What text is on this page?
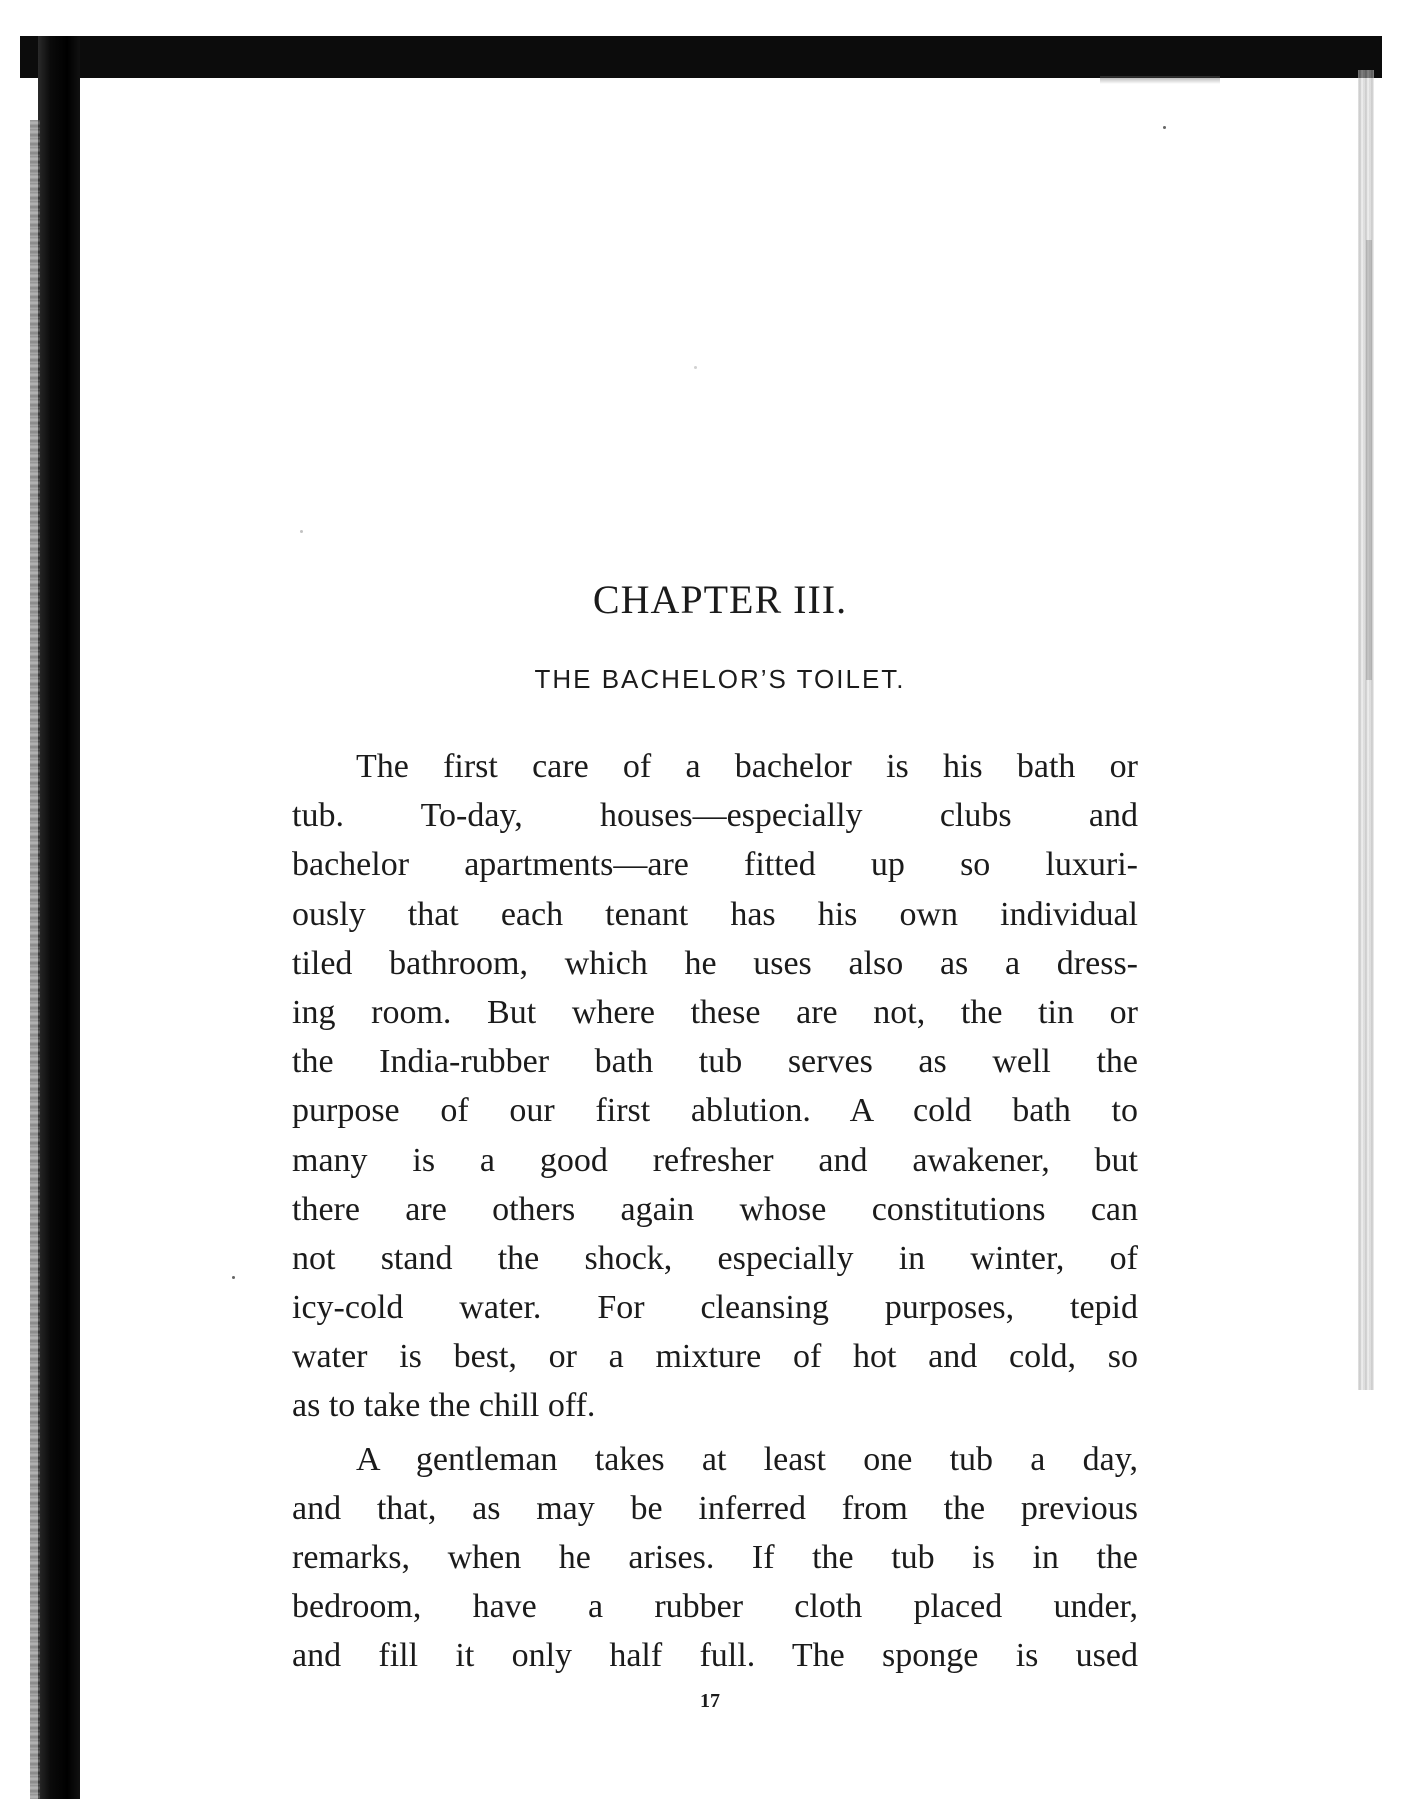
CHAPTER III.
THE BACHELOR’S TOILET.
The first care of a bachelor is his bath or
tub. To-day, houses—especially clubs and
bachelor apartments—are fitted up so luxuri-
ously that each tenant has his own individual
tiled bathroom, which he uses also as a dress-
ing room. But where these are not, the tin or
the India-rubber bath tub serves as well the
purpose of our first ablution. A cold bath to
many is a good refresher and awakener, but
there are others again whose constitutions can
not stand the shock, especially in winter, of
icy-cold water. For cleansing purposes, tepid
water is best, or a mixture of hot and cold, so
as to take the chill off.
A gentleman takes at least one tub a day,
and that, as may be inferred from the previous
remarks, when he arises. If the tub is in the
bedroom, have a rubber cloth placed under,
and fill it only half full. The sponge is used
17
